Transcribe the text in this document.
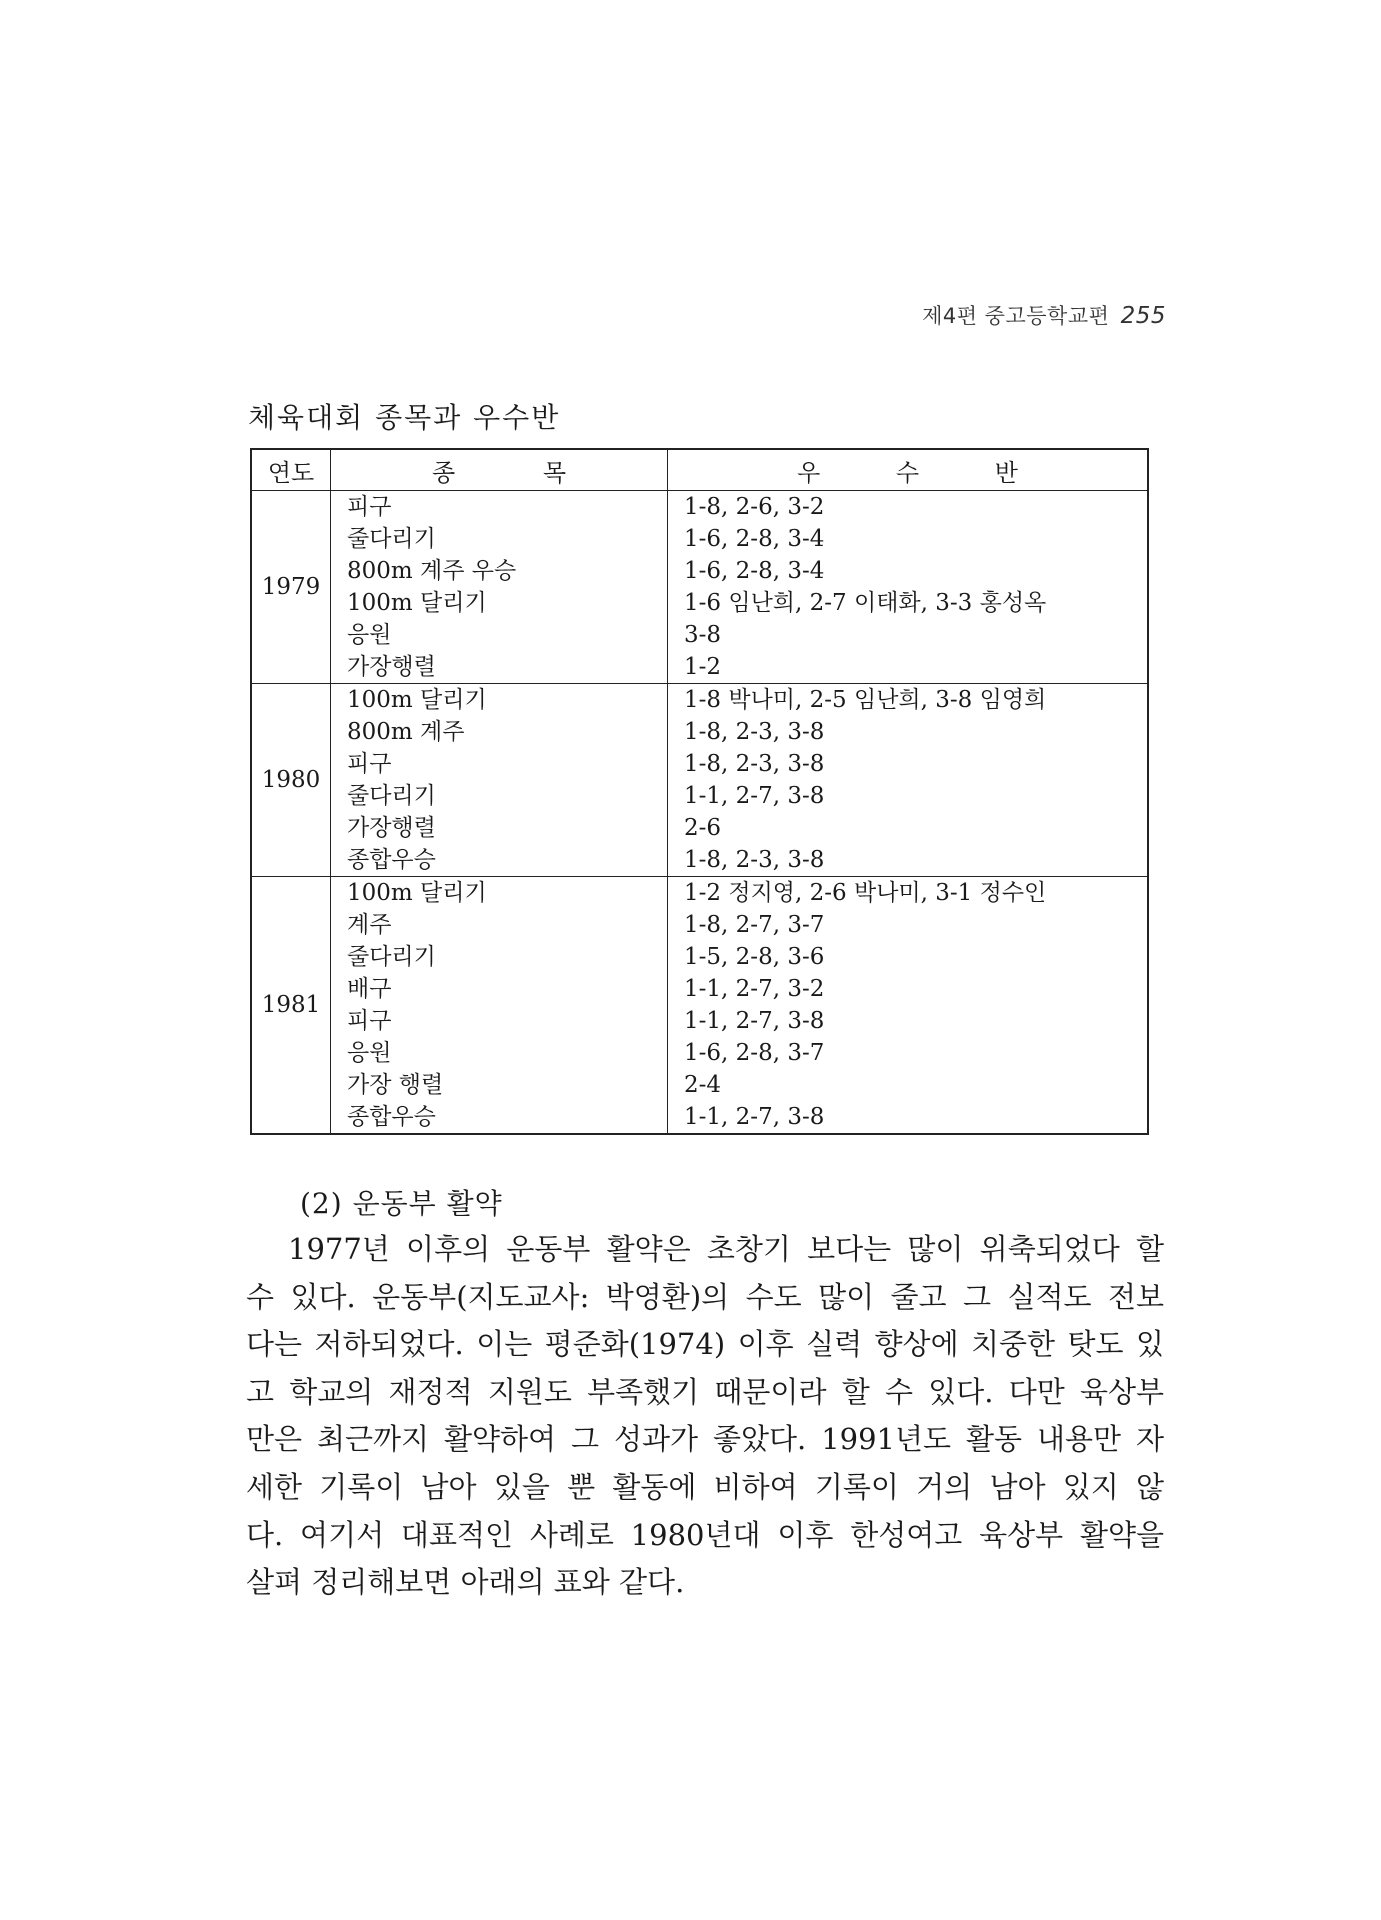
제4편 중고등학교편 255
체육대회 종목과 우수반
연도	종 목	우 수 반
1979	피구	1-8, 2-6, 3-2
	줄다리기	1-6, 2-8, 3-4
	800m 계주 우승	1-6, 2-8, 3-4
	100m 달리기	1-6 임난희, 2-7 이태화, 3-3 홍성옥
	응원	3-8
	가장행렬	1-2
1980	100m 달리기	1-8 박나미, 2-5 임난희, 3-8 임영희
	800m 계주	1-8, 2-3, 3-8
	피구	1-8, 2-3, 3-8
	줄다리기	1-1, 2-7, 3-8
	가장행렬	2-6
	종합우승	1-8, 2-3, 3-8
1981	100m 달리기	1-2 정지영, 2-6 박나미, 3-1 정수인
	계주	1-8, 2-7, 3-7
	줄다리기	1-5, 2-8, 3-6
	배구	1-1, 2-7, 3-2
	피구	1-1, 2-7, 3-8
	응원	1-6, 2-8, 3-7
	가장 행렬	2-4
	종합우승	1-1, 2-7, 3-8
(2) 운동부 활약
1977년 이후의 운동부 활약은 초창기 보다는 많이 위축되었다 할
수 있다. 운동부(지도교사: 박영환)의 수도 많이 줄고 그 실적도 전보
다는 저하되었다. 이는 평준화(1974) 이후 실력 향상에 치중한 탓도 있
고 학교의 재정적 지원도 부족했기 때문이라 할 수 있다. 다만 육상부
만은 최근까지 활약하여 그 성과가 좋았다. 1991년도 활동 내용만 자
세한 기록이 남아 있을 뿐 활동에 비하여 기록이 거의 남아 있지 않
다. 여기서 대표적인 사례로 1980년대 이후 한성여고 육상부 활약을
살펴 정리해보면 아래의 표와 같다.
